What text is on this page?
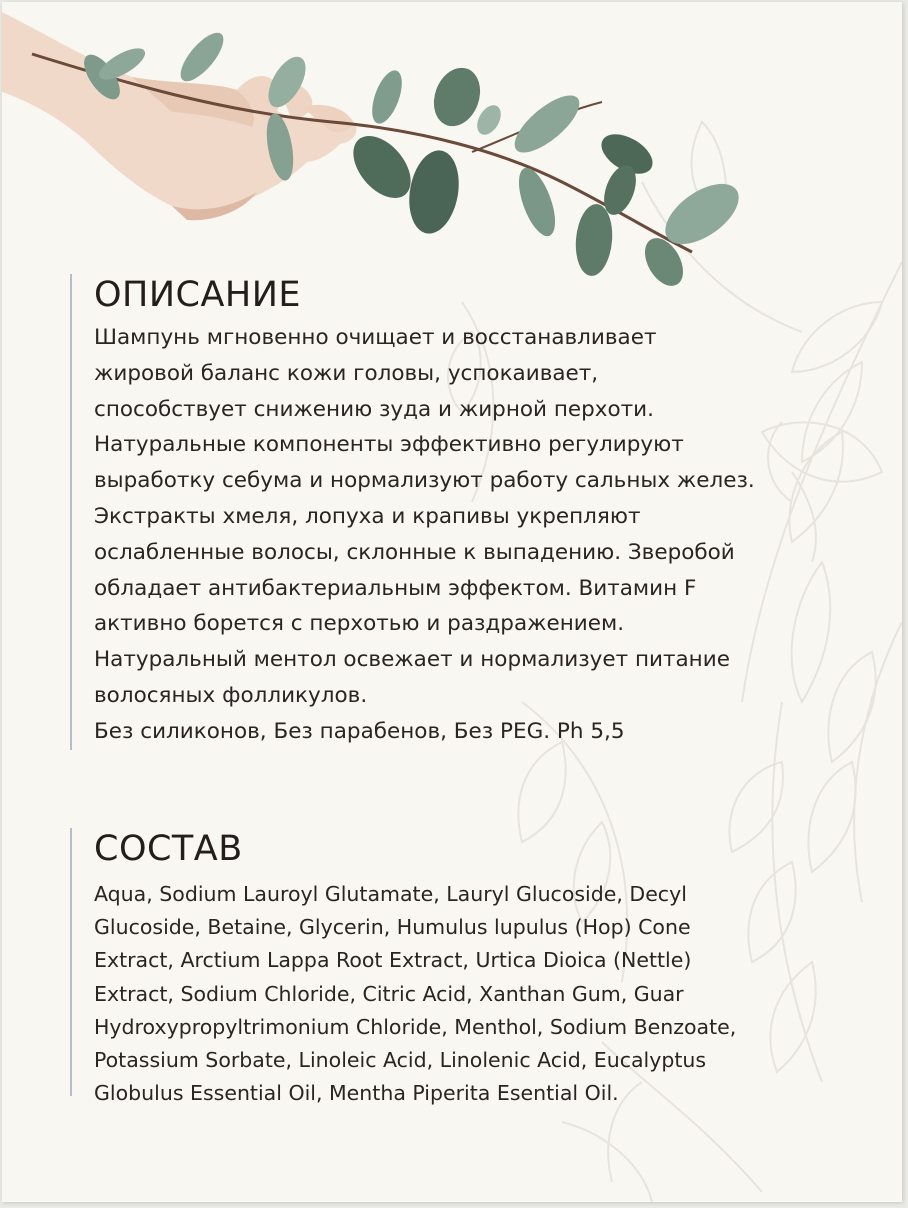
ОПИСАНИЕ

Шампунь мгновенно очищает и восстанавливает
жировой баланс кожи головы, успокаивает,
способствует снижению зуда и жирной перхоти.
Натуральные компоненты эффективно регулируют
выработку себума и нормализуют работу сальных желез.
Экстракты хмеля, лопуха и крапивы укрепляют
ослабленные волосы, склонные к выпадению. Зверобой
обладает антибактериальным эффектом. Витамин F
активно борется с перхотью и раздражением.
Натуральный ментол освежает и нормализует питание
волосяных фолликулов.
Без силиконов, Без парабенов, Без PEG. Ph 5,5

СОСТАВ

Aqua, Sodium Lauroyl Glutamate, Lauryl Glucoside, Decyl
Glucoside, Betaine, Glycerin, Humulus lupulus (Hop) Cone
Extract, Arctium Lappa Root Extract, Urtica Dioica (Nettle)
Extract, Sodium Chloride, Citric Acid, Xanthan Gum, Guar
Hydroxypropyltrimonium Chloride, Menthol, Sodium Benzoate,
Potassium Sorbate, Linoleic Acid, Linolenic Acid, Eucalyptus
Globulus Essential Oil, Mentha Piperita Esential Oil.
